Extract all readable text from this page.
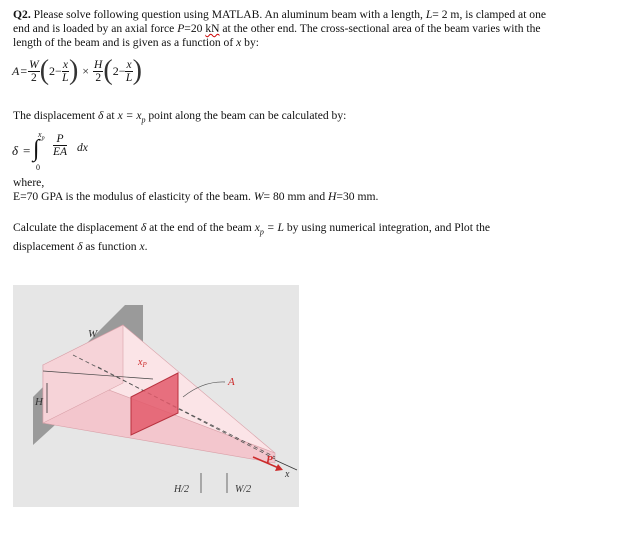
Q2. Please solve following question using MATLAB. An aluminum beam with a length, L= 2 m, is clamped at one
end and is loaded by an axial force P=20 kN at the other end. The cross-sectional area of the beam varies with the
length of the beam and is given as a function of x by:
$A = \frac{W}{2}$ ( $2 - \frac{x}{L}$ ) × $\frac{H}{2}$ ( $2 - \frac{x}{L}$ )
The displacement δ at $x = x_p$ point along the beam can be calculated by:
δ = ∫
$x_p$
0
$\frac{P}{EA}$ dx
where,
E=70 GPA is the modulus of elasticity of the beam. W= 80 mm and H=30 mm.
Calculate the displacement δ at the end of the beam $x_p = L$ by using numerical integration, and Plot the
displacement δ as function x.
W
H
$x_P$
A
P
x
H/2	W/2
